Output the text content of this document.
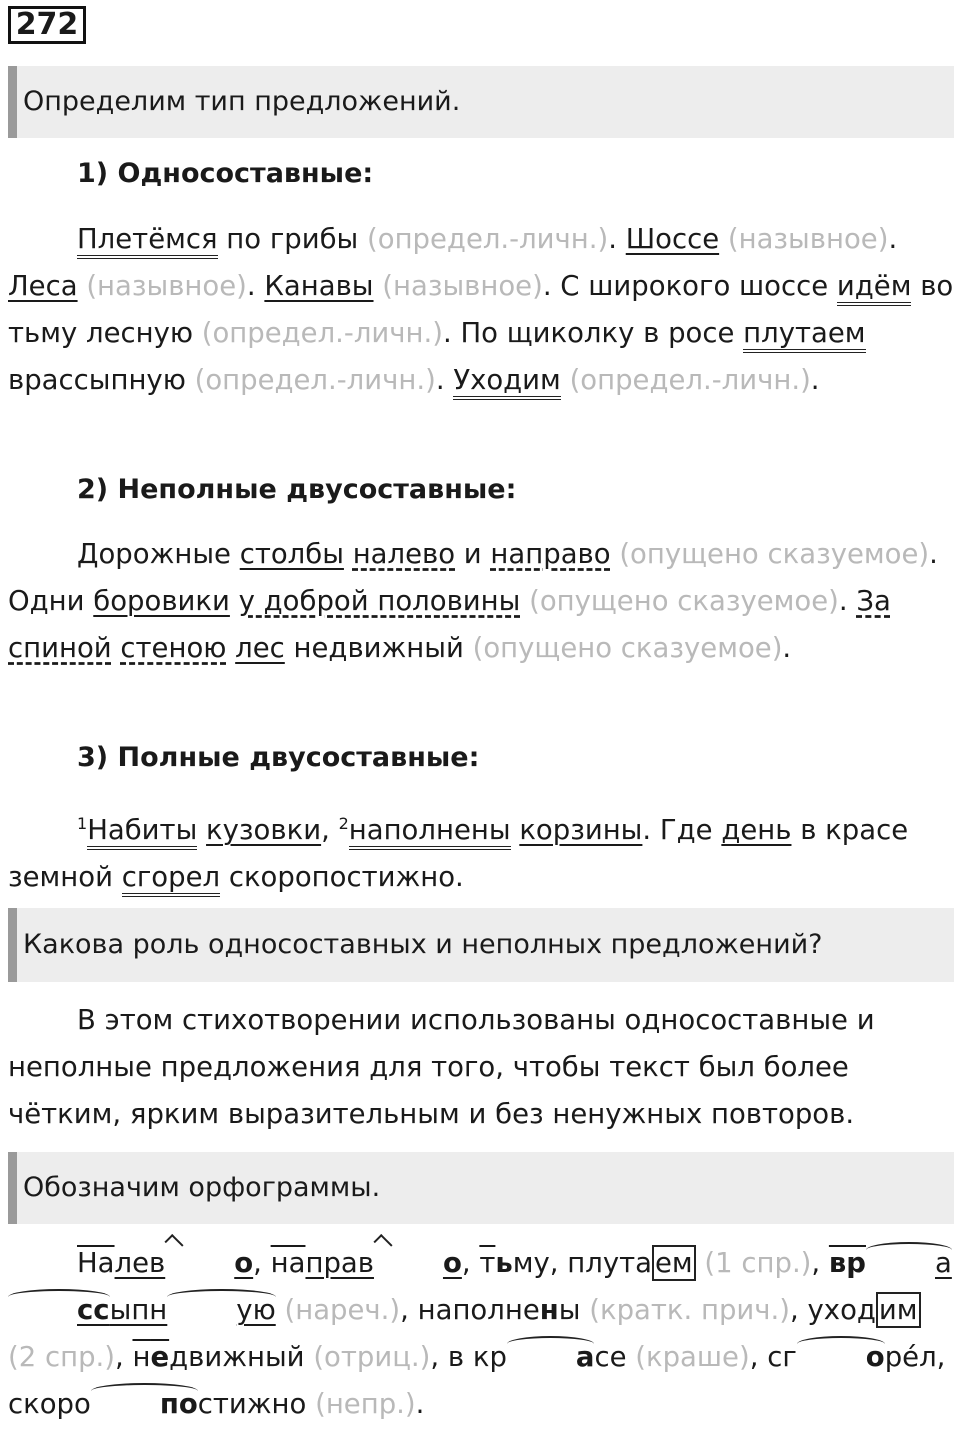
272
Определим тип предложений.
1) Односоставные:
Плетёмся по грибы (определ.-личн.). Шоссе (назывное). Леса (назывное). Канавы (назывное). С широкого шоссе идём во тьму лесную (определ.-личн.). По щиколку в росе плутаем врассыпную (определ.-личн.). Уходим (определ.-личн.).
2) Неполные двусоставные:
Дорожные столбы налево и направо (опущено сказуемое). Одни боровики у доброй половины (опущено сказуемое). За спиной стеною лес недвижный (опущено сказуемое).
3) Полные двусоставные:
$^1$Набиты кузовки, $^2$наполнены корзины. Где день в красе земной сгорел скоропостижно.
Какова роль односоставных и неполных предложений?
В этом стихотворении использованы односоставные и неполные предложения для того, чтобы текст был более чётким, ярким выразительным и без ненужных повторов.
Обозначим орфограммы.
Налев	о, направ	о, тьму, плута ем (1 спр.), вр	ассыпн	ую (нареч.), наполнены (кратк. прич.), уход им (2 спр.), недвижный (отриц.), в кр	асе (краше), сг	оре́л, скоро	постижно (непр.).
